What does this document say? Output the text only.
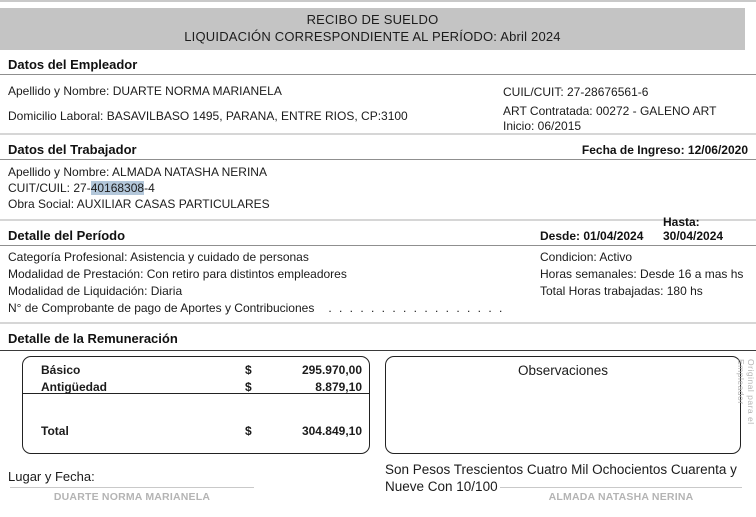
RECIBO DE SUELDO
LIQUIDACIÓN CORRESPONDIENTE AL PERÍODO: Abril 2024
Datos del Empleador
Apellido y Nombre: DUARTE NORMA MARIANELA
Domicilio Laboral: BASAVILBASO 1495, PARANA, ENTRE RIOS, CP:3100
CUIL/CUIT: 27-28676561-6
ART Contratada: 00272 - GALENO ART
Inicio: 06/2015
Datos del Trabajador	Fecha de Ingreso: 12/06/2020
Apellido y Nombre: ALMADA NATASHA NERINA
CUIT/CUIL: 27-40168308-4
Obra Social: AUXILIAR CASAS PARTICULARES
Detalle del Período	Desde: 01/04/2024
Hasta: 30/04/2024
Categoría Profesional: Asistencia y cuidado de personas
Modalidad de Prestación: Con retiro para distintos empleadores
Modalidad de Liquidación: Diaria
N° de Comprobante de pago de Aportes y Contribuciones . . . . . . . . . . . . . . . . .
Condicion: Activo
Horas semanales: Desde 16 a mas hs
Total Horas trabajadas: 180 hs
Detalle de la Remuneración
Básico	$	295.970,00
Antigüedad	$	8.879,10
Total	$	304.849,10
Observaciones	Original para el Empleador
Lugar y Fecha:	Son Pesos Trescientos Cuatro Mil Ochocientos Cuarenta y Nueve Con 10/100
DUARTE NORMA MARIANELA	ALMADA NATASHA NERINA
